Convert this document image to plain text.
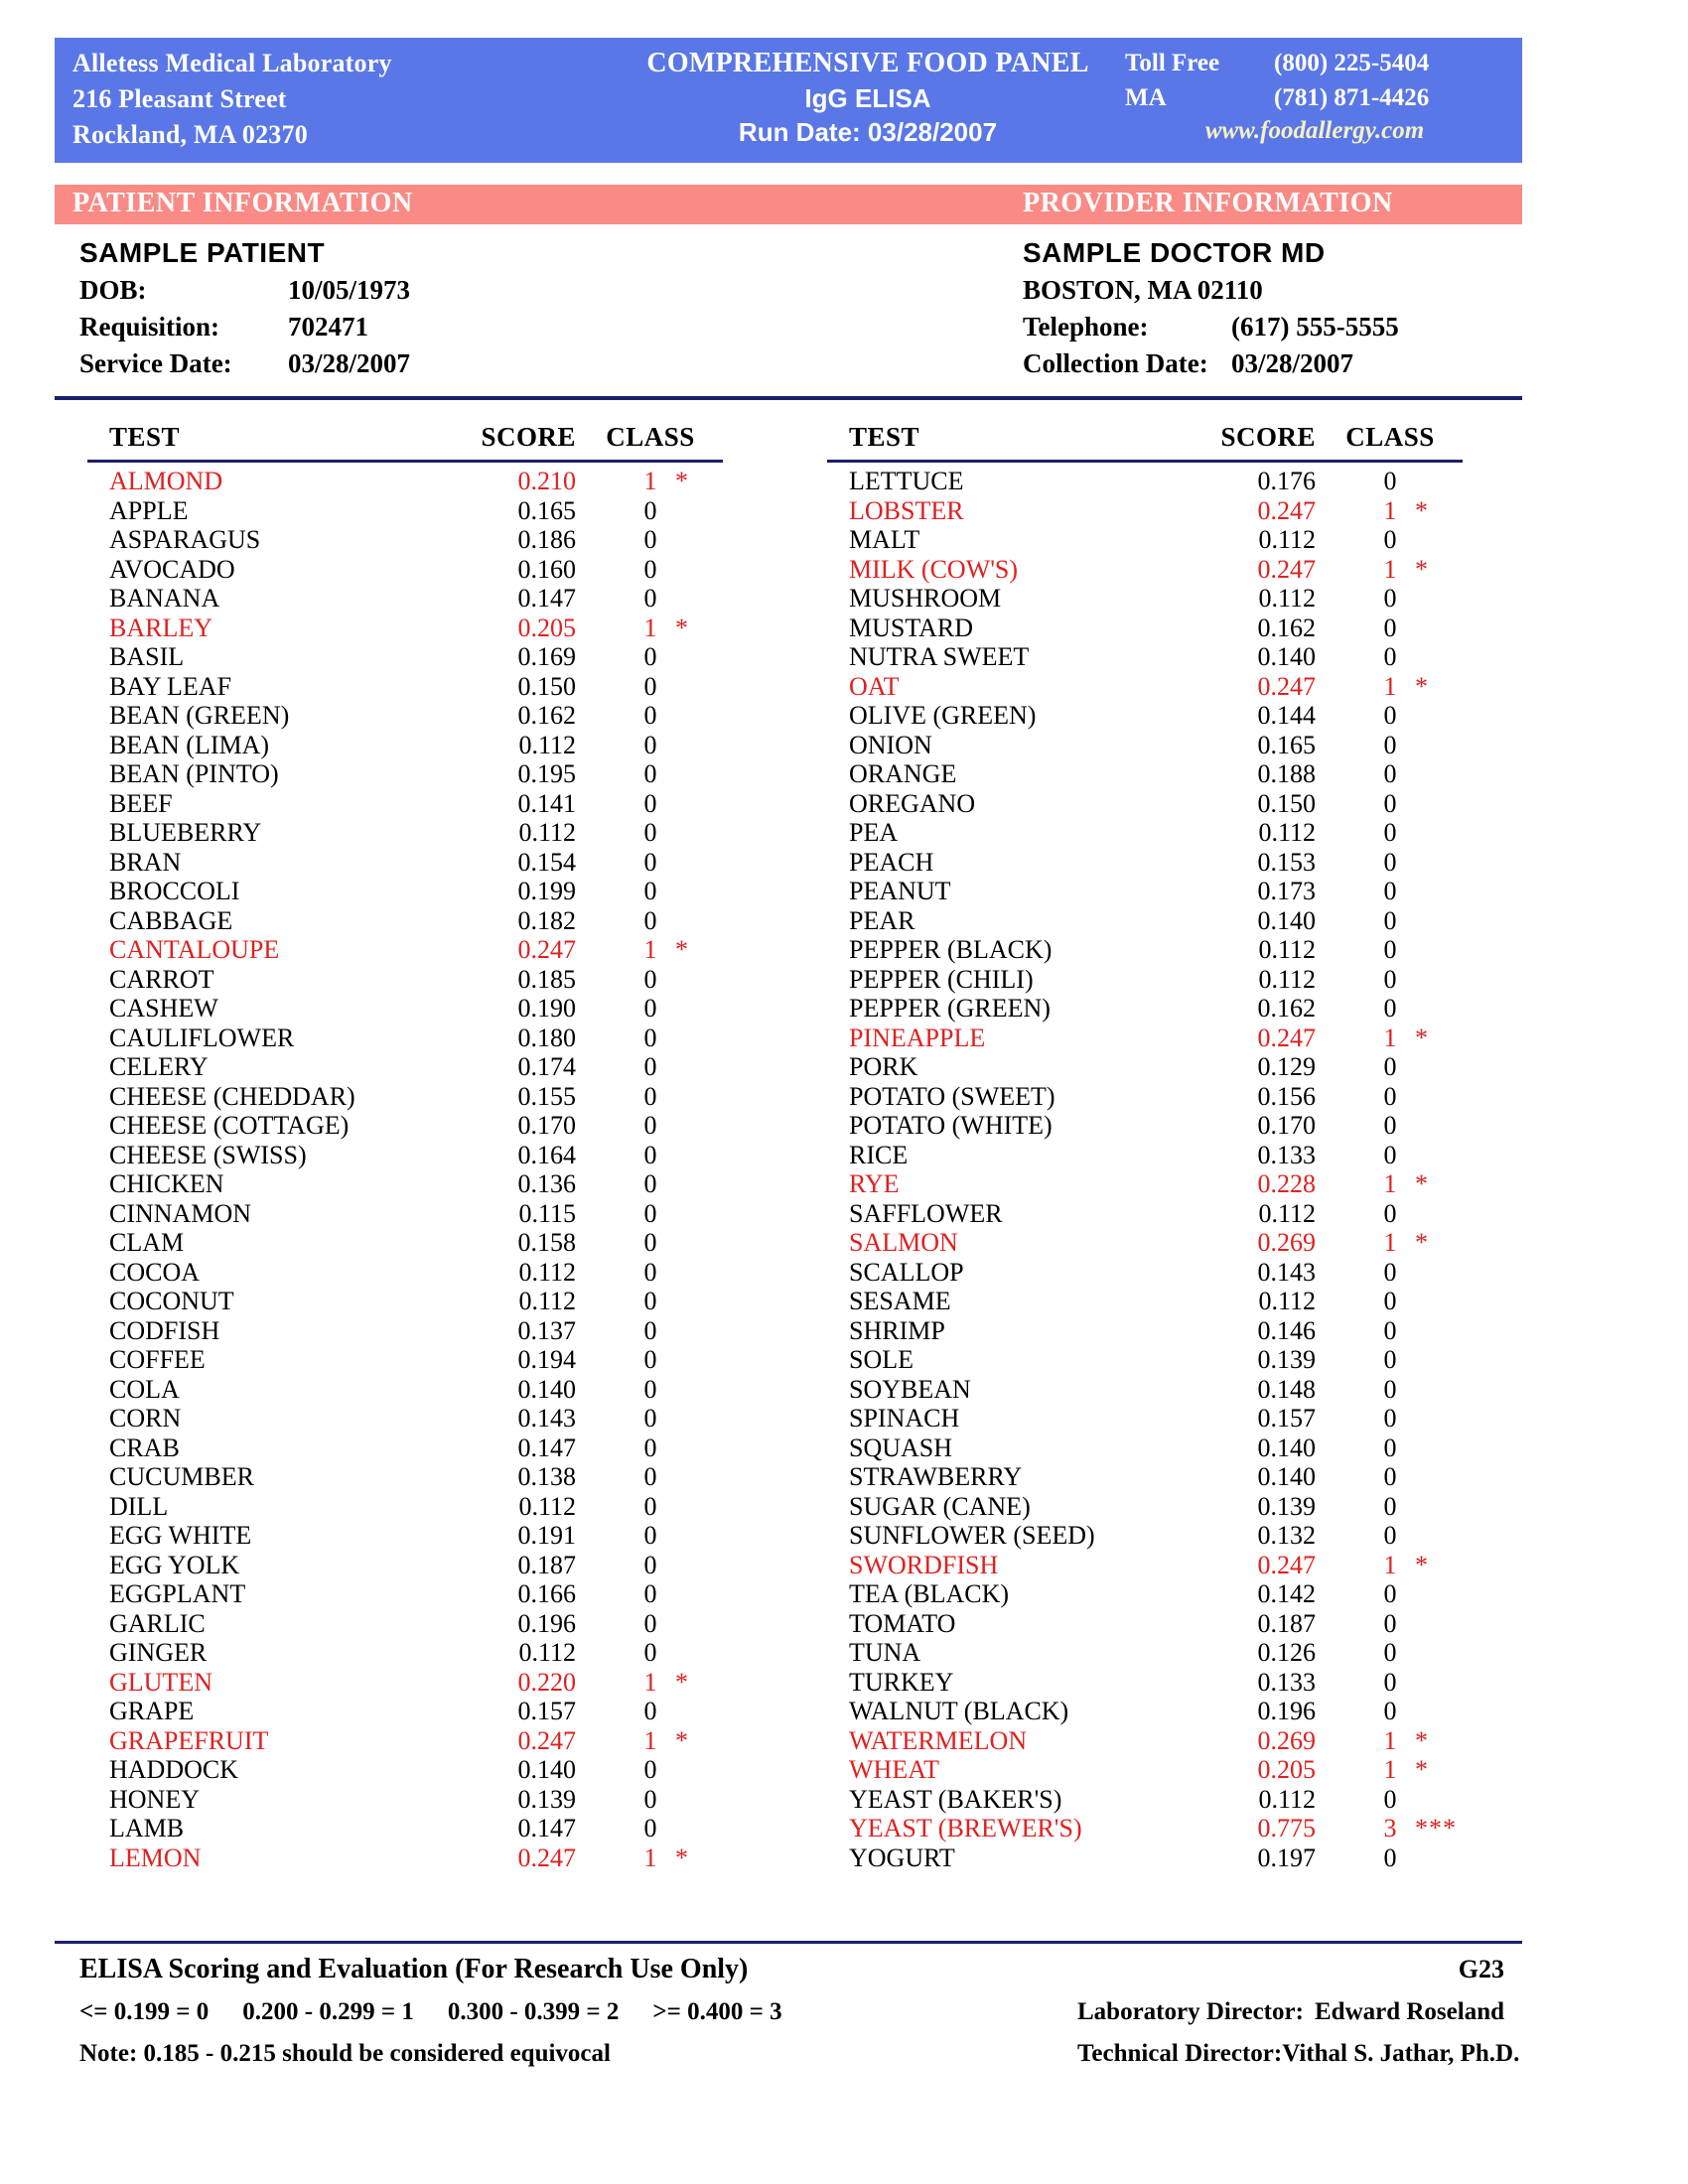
Alletess Medical Laboratory
216 Pleasant Street
Rockland, MA 02370
COMPREHENSIVE FOOD PANEL
IgG ELISA
Run Date: 03/28/2007
Toll Free	(800) 225-5404
MA	(781) 871-4426
www.foodallergy.com
PATIENT INFORMATION	PROVIDER INFORMATION
SAMPLE PATIENT
DOB:	10/05/1973
Requisition:	702471
Service Date:	03/28/2007
SAMPLE DOCTOR MD
BOSTON, MA 02110
Telephone:	(617) 555-5555
Collection Date: 03/28/2007
TEST	SCORE	CLASS
ALMOND	0.210	1 *
APPLE	0.165	0
ASPARAGUS	0.186	0
AVOCADO	0.160	0
BANANA	0.147	0
BARLEY	0.205	1 *
BASIL	0.169	0
BAY LEAF	0.150	0
BEAN (GREEN)	0.162	0
BEAN (LIMA)	0.112	0
BEAN (PINTO)	0.195	0
BEEF	0.141	0
BLUEBERRY	0.112	0
BRAN	0.154	0
BROCCOLI	0.199	0
CABBAGE	0.182	0
CANTALOUPE	0.247	1 *
CARROT	0.185	0
CASHEW	0.190	0
CAULIFLOWER	0.180	0
CELERY	0.174	0
CHEESE (CHEDDAR)	0.155	0
CHEESE (COTTAGE)	0.170	0
CHEESE (SWISS)	0.164	0
CHICKEN	0.136	0
CINNAMON	0.115	0
CLAM	0.158	0
COCOA	0.112	0
COCONUT	0.112	0
CODFISH	0.137	0
COFFEE	0.194	0
COLA	0.140	0
CORN	0.143	0
CRAB	0.147	0
CUCUMBER	0.138	0
DILL	0.112	0
EGG WHITE	0.191	0
EGG YOLK	0.187	0
EGGPLANT	0.166	0
GARLIC	0.196	0
GINGER	0.112	0
GLUTEN	0.220	1 *
GRAPE	0.157	0
GRAPEFRUIT	0.247	1 *
HADDOCK	0.140	0
HONEY	0.139	0
LAMB	0.147	0
LEMON	0.247	1 *
TEST	SCORE	CLASS
LETTUCE	0.176	0
LOBSTER	0.247	1 *
MALT	0.112	0
MILK (COW'S)	0.247	1 *
MUSHROOM	0.112	0
MUSTARD	0.162	0
NUTRA SWEET	0.140	0
OAT	0.247	1 *
OLIVE (GREEN)	0.144	0
ONION	0.165	0
ORANGE	0.188	0
OREGANO	0.150	0
PEA	0.112	0
PEACH	0.153	0
PEANUT	0.173	0
PEAR	0.140	0
PEPPER (BLACK)	0.112	0
PEPPER (CHILI)	0.112	0
PEPPER (GREEN)	0.162	0
PINEAPPLE	0.247	1 *
PORK	0.129	0
POTATO (SWEET)	0.156	0
POTATO (WHITE)	0.170	0
RICE	0.133	0
RYE	0.228	1 *
SAFFLOWER	0.112	0
SALMON	0.269	1 *
SCALLOP	0.143	0
SESAME	0.112	0
SHRIMP	0.146	0
SOLE	0.139	0
SOYBEAN	0.148	0
SPINACH	0.157	0
SQUASH	0.140	0
STRAWBERRY	0.140	0
SUGAR (CANE)	0.139	0
SUNFLOWER (SEED)	0.132	0
SWORDFISH	0.247	1 *
TEA (BLACK)	0.142	0
TOMATO	0.187	0
TUNA	0.126	0
TURKEY	0.133	0
WALNUT (BLACK)	0.196	0
WATERMELON	0.269	1 *
WHEAT	0.205	1 *
YEAST (BAKER'S)	0.112	0
YEAST (BREWER'S)	0.775	3 ***
YOGURT	0.197	0
ELISA Scoring and Evaluation (For Research Use Only)
<= 0.199 = 0 0.200 - 0.299 = 1 0.300 - 0.399 = 2 >= 0.400 = 3
Note: 0.185 - 0.215 should be considered equivocal
G23
Laboratory Director: Edward Roseland
Technical Director: Vithal S. Jathar, Ph.D.
